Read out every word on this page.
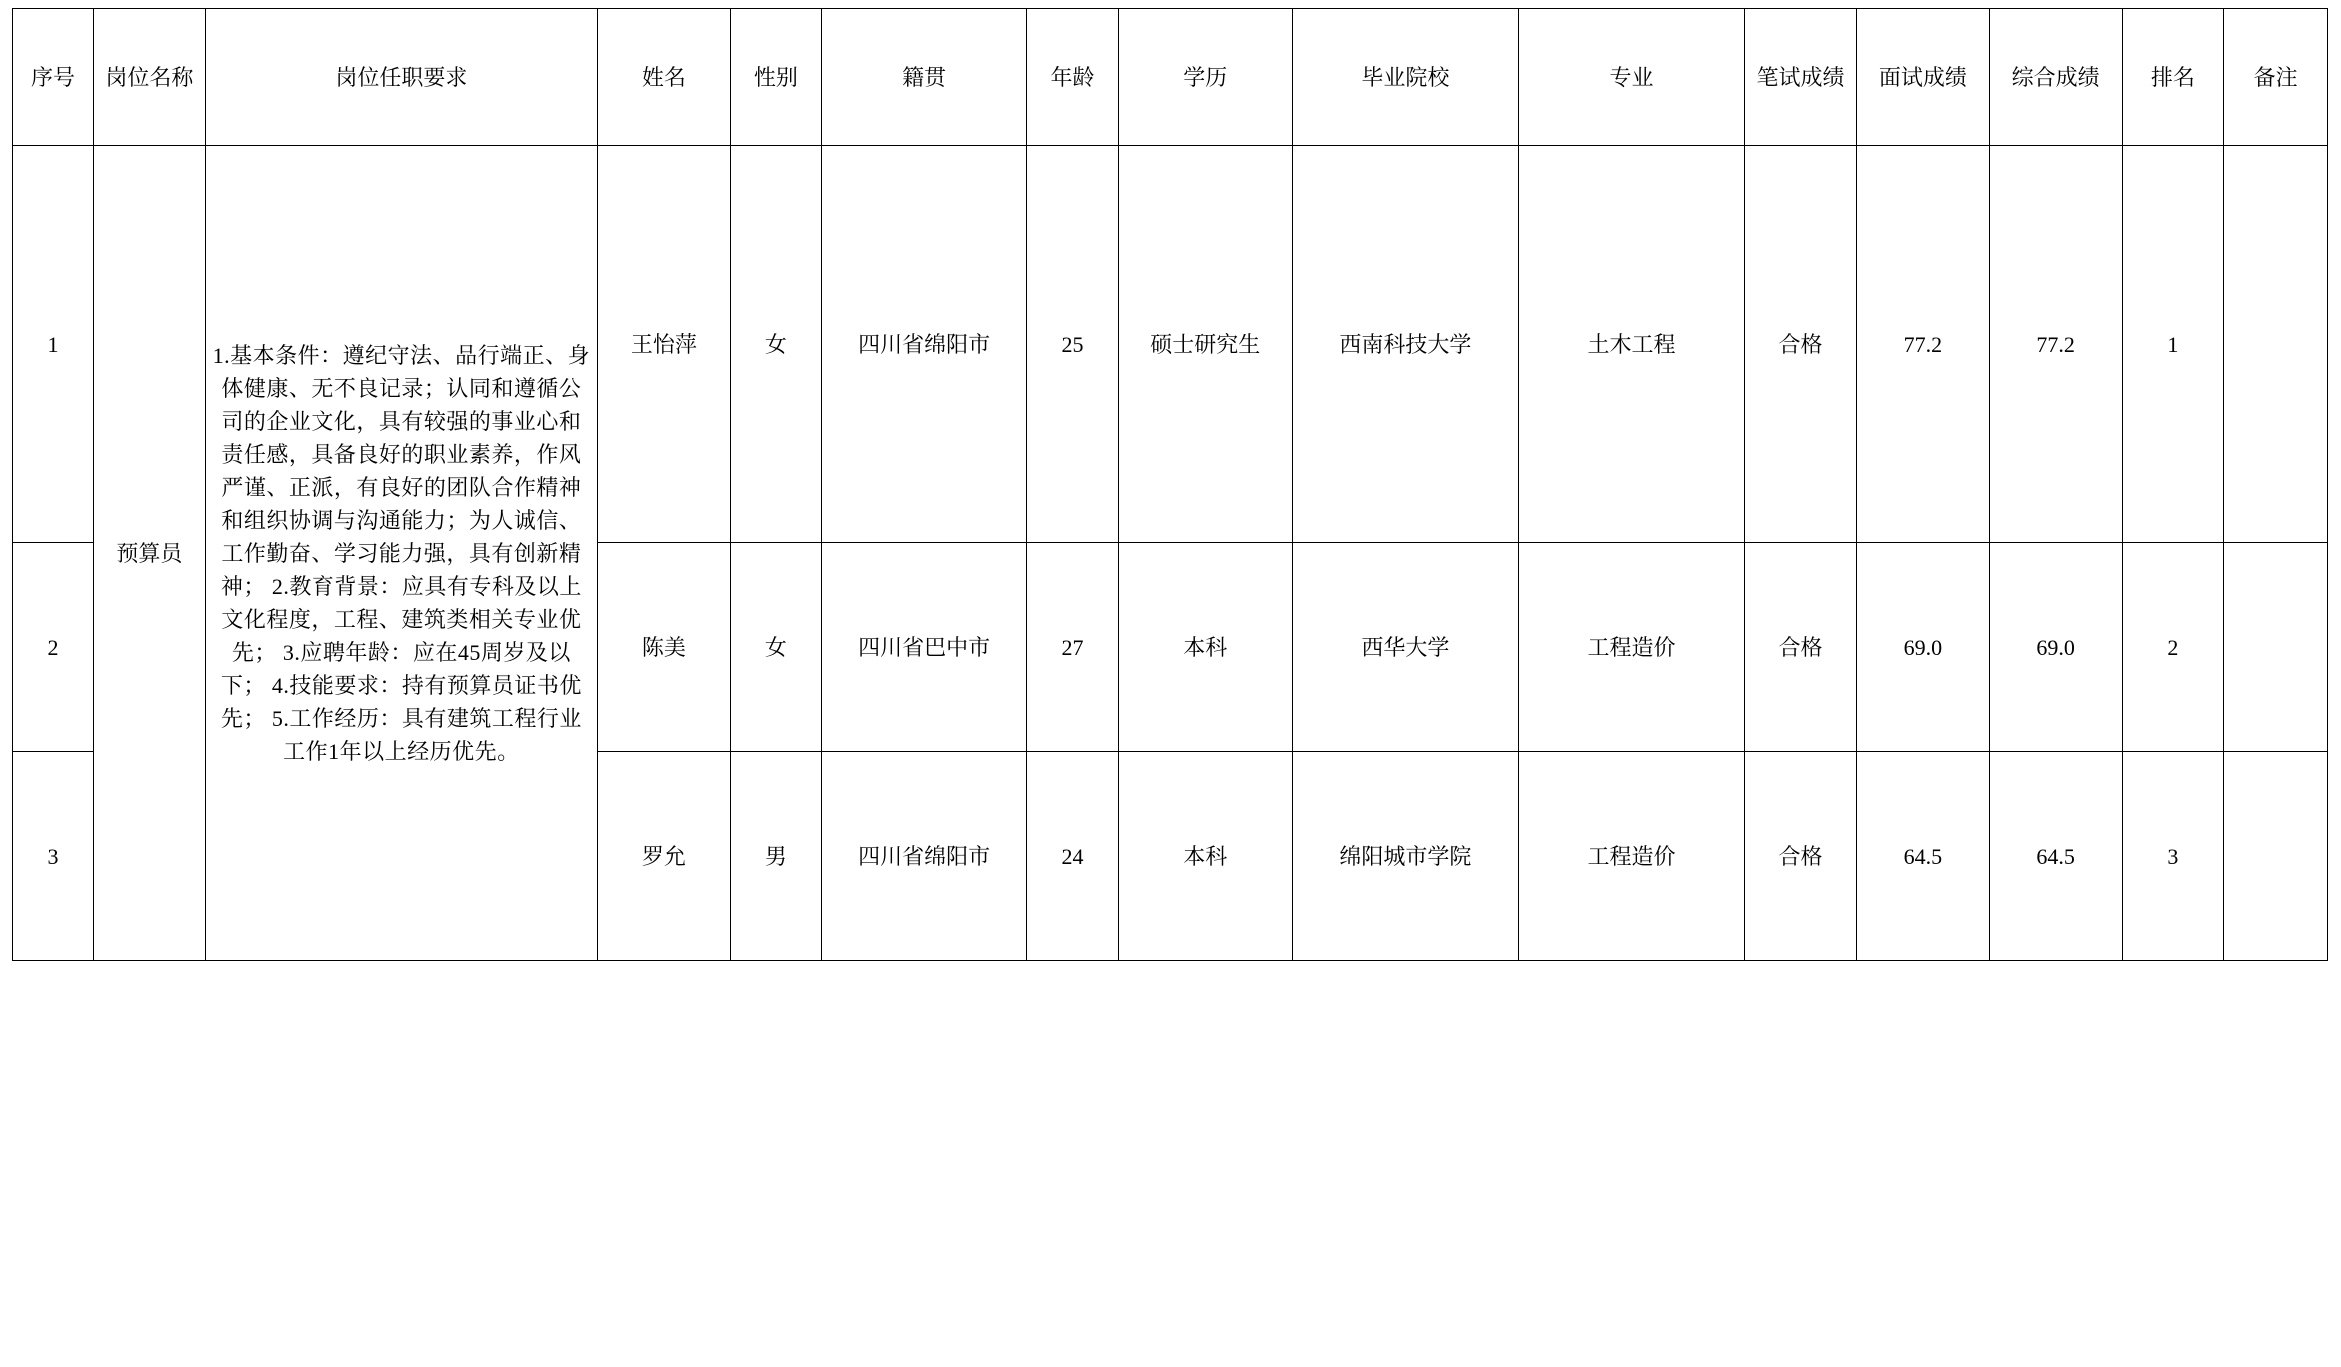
序号	岗位名称	岗位任职要求	姓名	性别	籍贯	年龄	学历	毕业院校	专业	笔试成绩	面试成绩	综合成绩	排名	备注
1	预算员	1.基本条件：遵纪守法、品行端正、身体健康、无不良记录；认同和遵循公司的企业文化，具有较强的事业心和责任感，具备良好的职业素养，作风严谨、正派，有良好的团队合作精神和组织协调与沟通能力；为人诚信、工作勤奋、学习能力强，具有创新精神； 2.教育背景：应具有专科及以上文化程度，工程、建筑类相关专业优先； 3.应聘年龄：应在45周岁及以下； 4.技能要求：持有预算员证书优先； 5.工作经历：具有建筑工程行业工作1年以上经历优先。	王怡萍	女	四川省绵阳市	25	硕士研究生	西南科技大学	土木工程	合格	77.2	77.2	1	
2			陈美	女	四川省巴中市	27	本科	西华大学	工程造价	合格	69.0	69.0	2	
3			罗允	男	四川省绵阳市	24	本科	绵阳城市学院	工程造价	合格	64.5	64.5	3	
